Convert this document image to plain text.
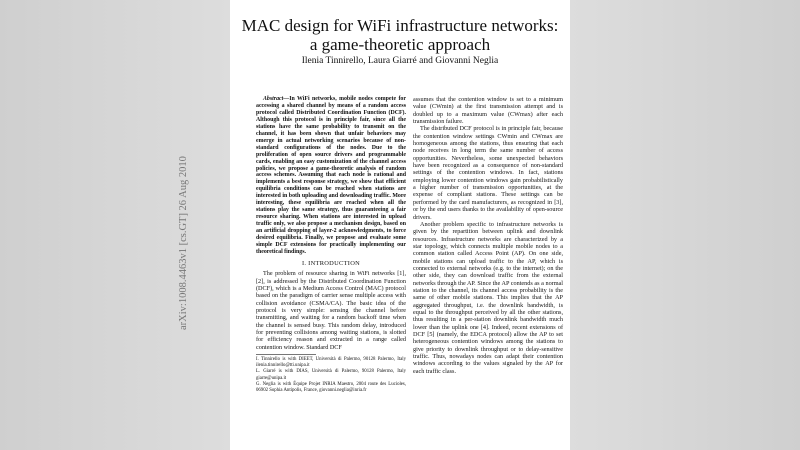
MAC design for WiFi infrastructure networks:
a game-theoretic approach
Ilenia Tinnirello, Laura Giarré and Giovanni Neglia

Abstract—In WiFi networks, mobile nodes compete for accessing a shared channel by means of a random access protocol called Distributed Coordination Function (DCF). Although this protocol is in principle fair, since all the stations have the same probability to transmit on the channel, it has been shown that unfair behaviors may emerge in actual networking scenarios because of non-standard configurations of the nodes. Due to the proliferation of open source drivers and programmable cards, enabling an easy customization of the channel access policies, we propose a game-theoretic analysis of random access schemes. Assuming that each node is rational and implements a best response strategy, we show that efficient equilibria conditions can be reached when stations are interested in both uploading and downloading traffic. More interesting, these equilibria are reached when all the stations play the same strategy, thus guaranteeing a fair resource sharing. When stations are interested in upload traffic only, we also propose a mechanism design, based on an artificial dropping of layer-2 acknowledgments, to force desired equilibria. Finally, we propose and evaluate some simple DCF extensions for practically implementing our theoretical findings.

I. INTRODUCTION

The problem of resource sharing in WiFi networks [1], [2], is addressed by the Distributed Coordination Function (DCF), which is a Medium Access Control (MAC) protocol based on the paradigm of carrier sense multiple access with collision avoidance (CSMA/CA). The basic idea of the protocol is very simple: sensing the channel before transmitting, and waiting for a random backoff time when the channel is sensed busy. This random delay, introduced for preventing collisions among waiting stations, is slotted for efficiency reason and extracted in a range called contention window. Standard DCF

I. Tinnirello is with DIEET, Università di Palermo, 90128 Palermo, Italy ilenia.tinnirello@tti.unipa.it
L. Giarré is with DIAS, Università di Palermo, 90128 Palermo, Italy giarre@unipa.it
G. Neglia is with Équipe Projet INRIA Maestro, 2004 route des Lucioles, 06902 Sophia Antipolis, France, giovanni.neglia@inria.fr

assumes that the contention window is set to a minimum value (CWmin) at the first transmission attempt and is doubled up to a maximum value (CWmax) after each transmission failure.

The distributed DCF protocol is in principle fair, because the contention window settings CWmin and CWmax are homogeneous among the stations, thus ensuring that each node receives in long term the same number of access opportunities. Nevertheless, some unexpected behaviors have been recognized as a consequence of non-standard settings of the contention windows. In fact, stations employing lower contention windows gain probabilistically a higher number of transmission opportunities, at the expense of compliant stations. These settings can be performed by the card manufacturers, as recognized in [3], or by the end users thanks to the availability of open-source drivers.

Another problem specific to infrastructure networks is given by the repartition between uplink and downlink resources. Infrastructure networks are characterized by a star topology, which connects multiple mobile nodes to a common station called Access Point (AP). On one side, mobile stations can upload traffic to the AP, which is connected to external networks (e.g. to the internet); on the other side, they can download traffic from the external networks through the AP. Since the AP contends as a normal station to the channel, its channel access probability is the same of other mobile stations. This implies that the AP aggregated throughput, i.e. the downlink bandwidth, is equal to the throughput perceived by all the other stations, thus resulting in a per-station downlink bandwidth much lower than the uplink one [4]. Indeed, recent extensions of DCF [5] (namely, the EDCA protocol) allow the AP to set heterogeneous contention windows among the stations to give priority to downlink throughput or to delay-sensitive traffic. Thus, nowadays nodes can adapt their contention windows according to the values signaled by the AP for each traffic class.

arXiv:1008.4463v1 [cs.GT] 26 Aug 2010
